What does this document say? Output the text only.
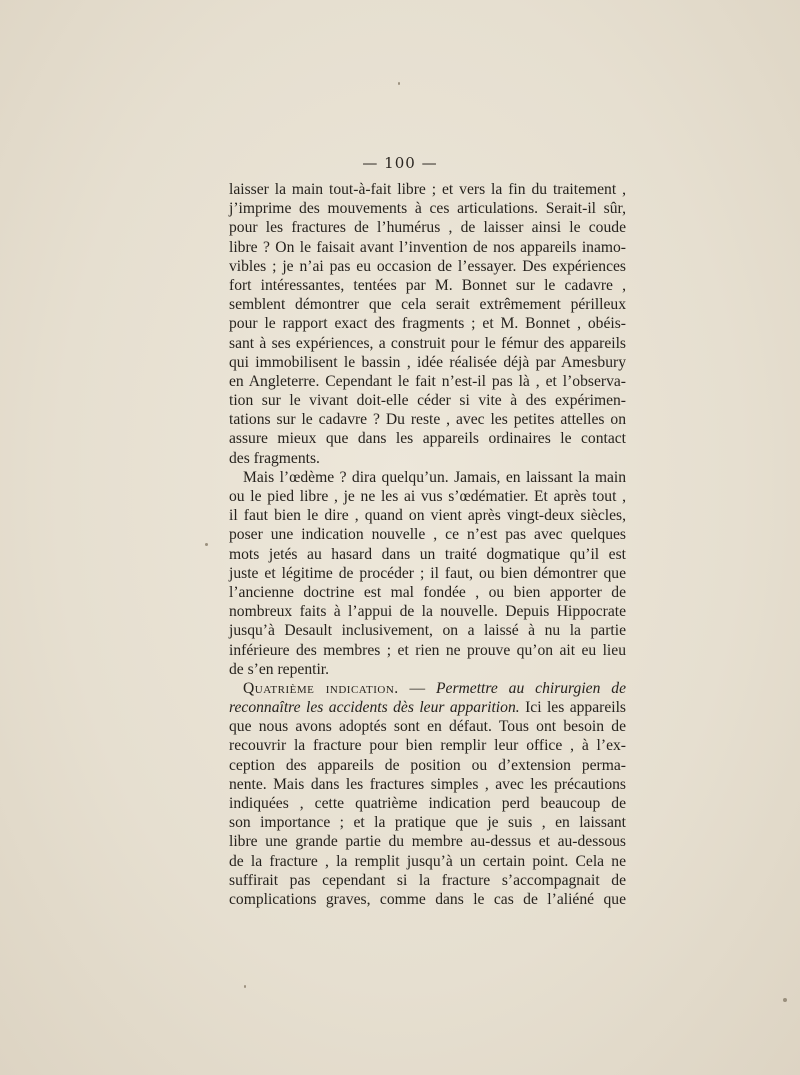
— 100 —
laisser la main tout-à-fait libre ; et vers la fin du traitement ,
j’imprime des mouvements à ces articulations. Serait-il sûr,
pour les fractures de l’humérus , de laisser ainsi le coude
libre ? On le faisait avant l’invention de nos appareils inamo-
vibles ; je n’ai pas eu occasion de l’essayer. Des expériences
fort intéressantes, tentées par M. Bonnet sur le cadavre ,
semblent démontrer que cela serait extrêmement périlleux
pour le rapport exact des fragments ; et M. Bonnet , obéis-
sant à ses expériences, a construit pour le fémur des appareils
qui immobilisent le bassin , idée réalisée déjà par Amesbury
en Angleterre. Cependant le fait n’est-il pas là , et l’observa-
tion sur le vivant doit-elle céder si vite à des expérimen-
tations sur le cadavre ? Du reste , avec les petites attelles on
assure mieux que dans les appareils ordinaires le contact
des fragments.
Mais l’œdème ? dira quelqu’un. Jamais, en laissant la main
ou le pied libre , je ne les ai vus s’œdématier. Et après tout ,
il faut bien le dire , quand on vient après vingt-deux siècles,
poser une indication nouvelle , ce n’est pas avec quelques
mots jetés au hasard dans un traité dogmatique qu’il est
juste et légitime de procéder ; il faut, ou bien démontrer que
l’ancienne doctrine est mal fondée , ou bien apporter de
nombreux faits à l’appui de la nouvelle. Depuis Hippocrate
jusqu’à Desault inclusivement, on a laissé à nu la partie
inférieure des membres ; et rien ne prouve qu’on ait eu lieu
de s’en repentir.
Quatrième indication. — Permettre au chirurgien de
reconnaître les accidents dès leur apparition. Ici les appareils
que nous avons adoptés sont en défaut. Tous ont besoin de
recouvrir la fracture pour bien remplir leur office , à l’ex-
ception des appareils de position ou d’extension perma-
nente. Mais dans les fractures simples , avec les précautions
indiquées , cette quatrième indication perd beaucoup de
son importance ; et la pratique que je suis , en laissant
libre une grande partie du membre au-dessus et au-dessous
de la fracture , la remplit jusqu’à un certain point. Cela ne
suffirait pas cependant si la fracture s’accompagnait de
complications graves, comme dans le cas de l’aliéné que
